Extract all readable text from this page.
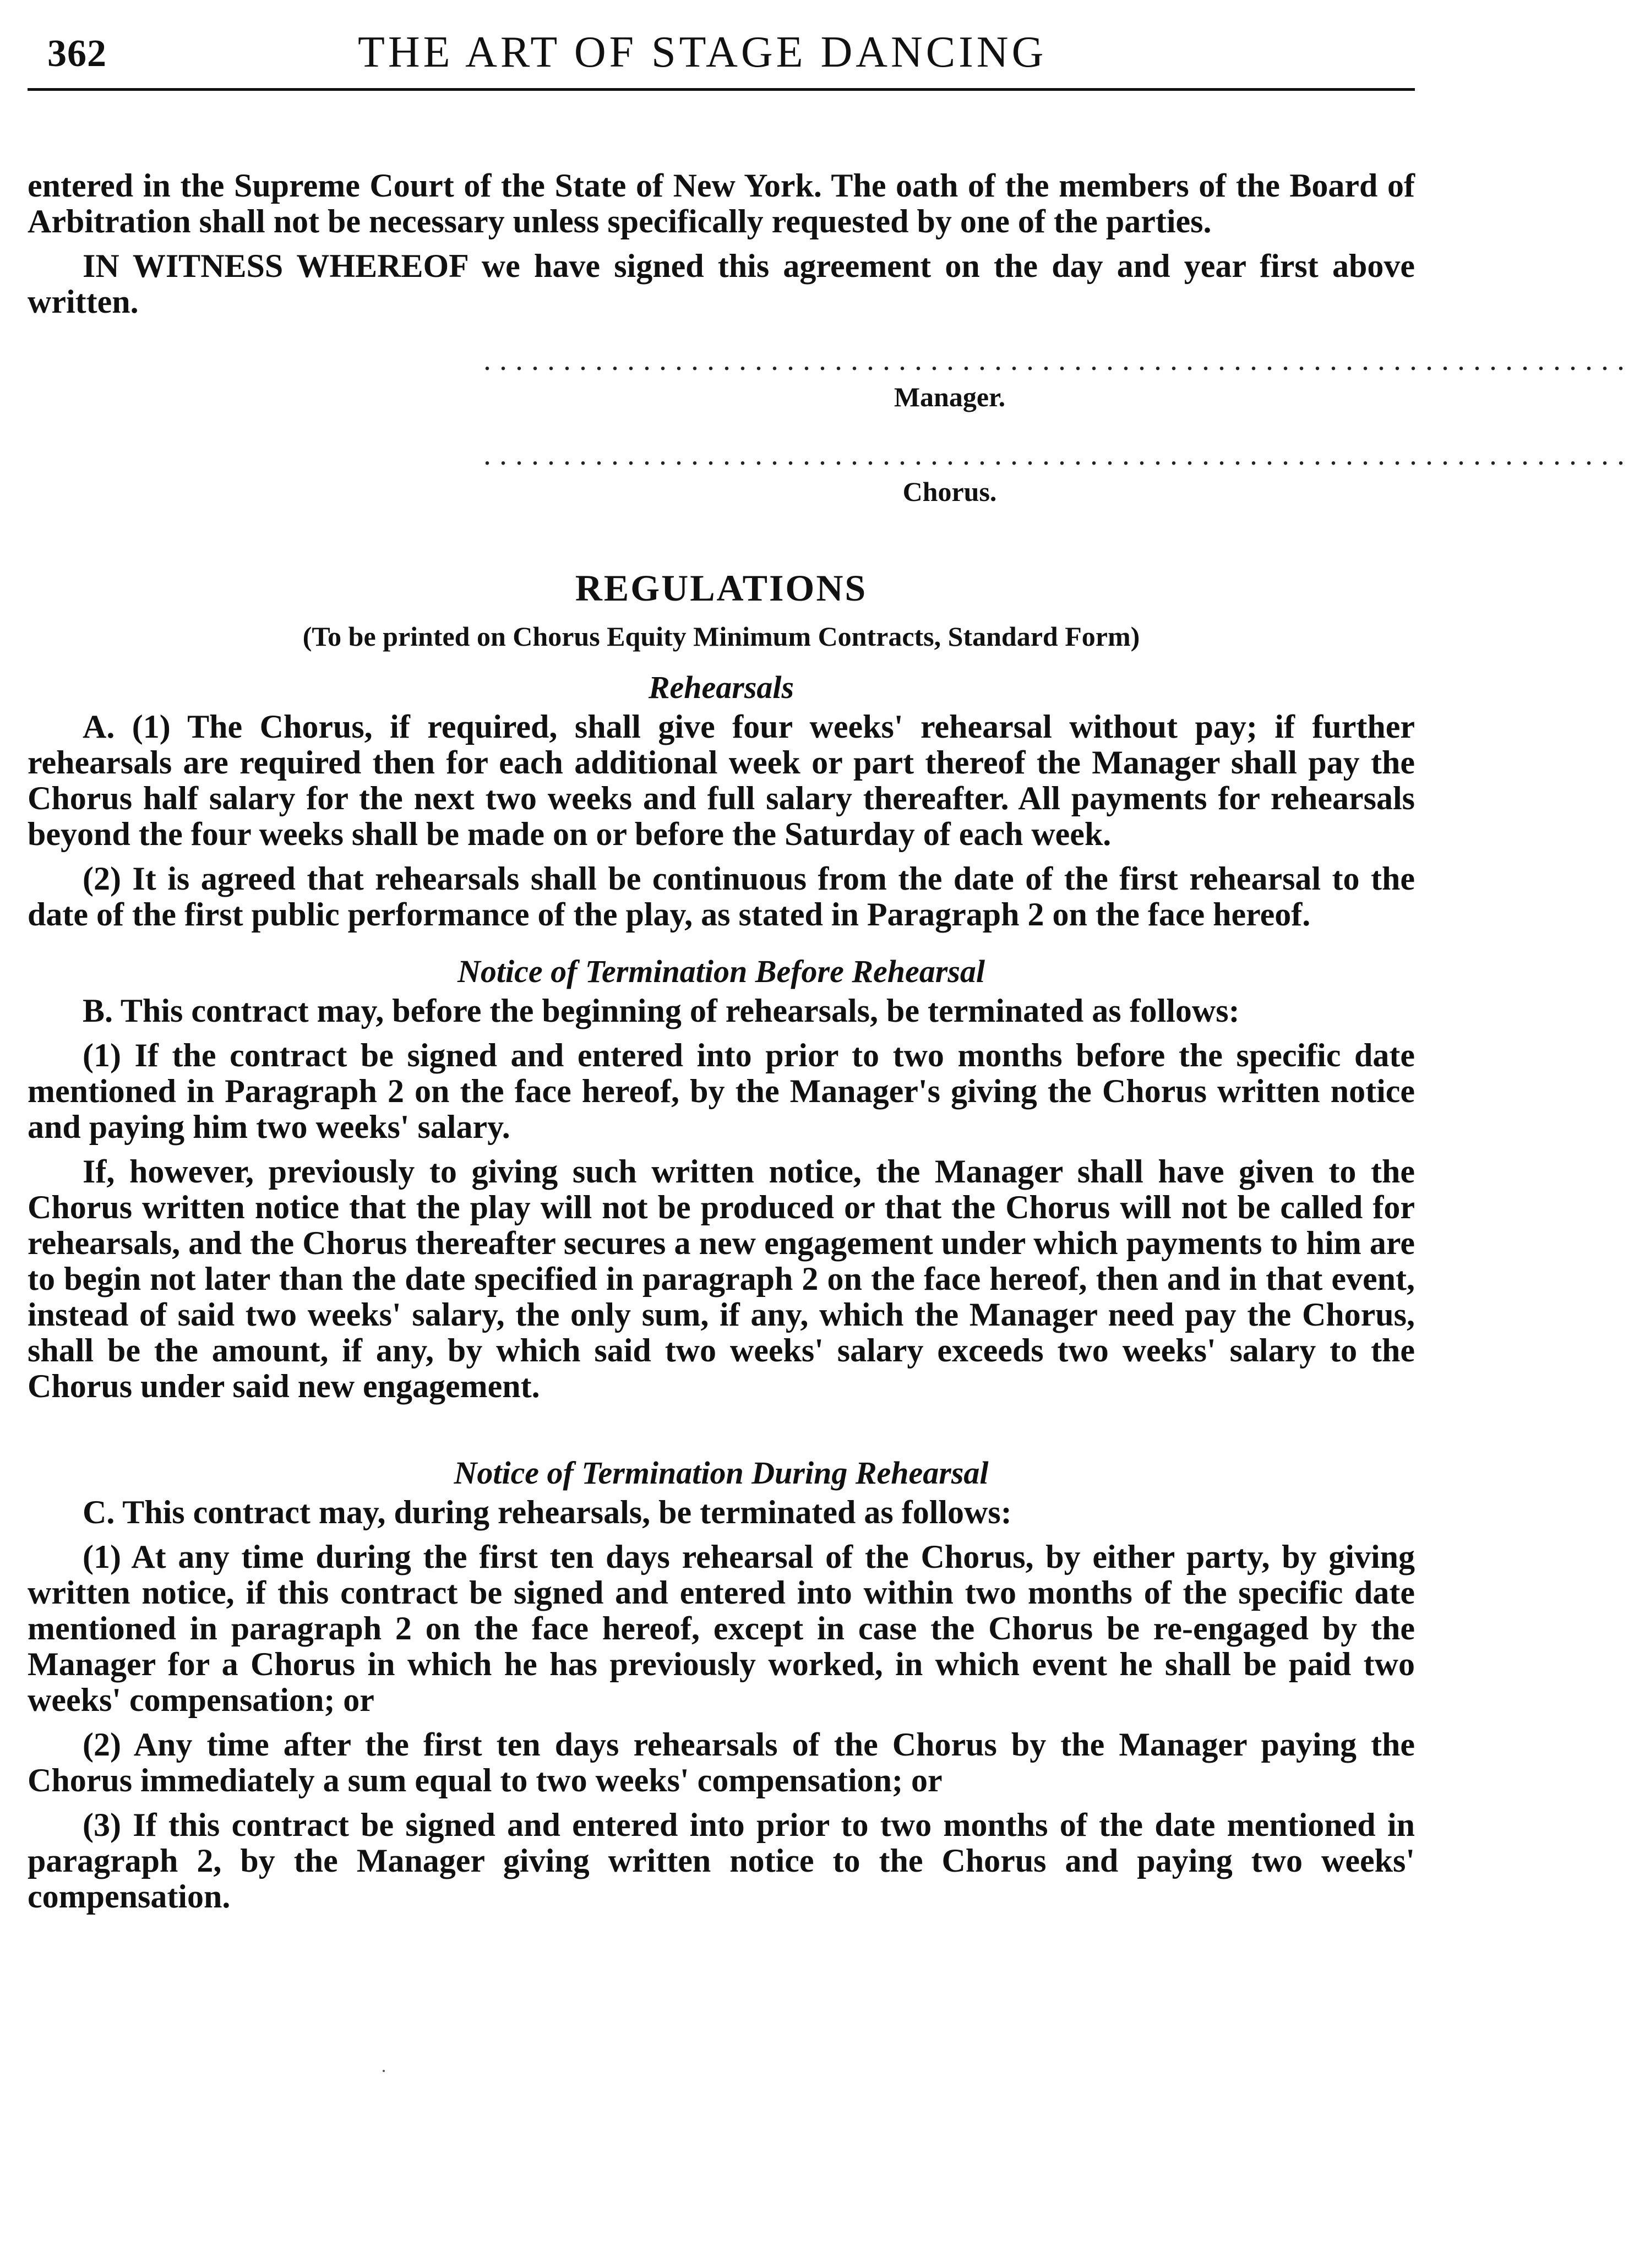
362	THE ART OF STAGE DANCING

entered in the Supreme Court of the State of New York. The oath of the members of the Board of Arbitration shall not be necessary unless specifically requested by one of the parties.

IN WITNESS WHEREOF we have signed this agreement on the day and year first above written.

........................................................................

Manager.

........................................................................

Chorus.

REGULATIONS

(To be printed on Chorus Equity Minimum Contracts, Standard Form)

Rehearsals

A. (1) The Chorus, if required, shall give four weeks' rehearsal without pay; if further rehearsals are required then for each additional week or part thereof the Manager shall pay the Chorus half salary for the next two weeks and full salary thereafter. All payments for rehearsals beyond the four weeks shall be made on or before the Saturday of each week.

(2) It is agreed that rehearsals shall be continuous from the date of the first rehearsal to the date of the first public performance of the play, as stated in Paragraph 2 on the face hereof.

Notice of Termination Before Rehearsal

B. This contract may, before the beginning of rehearsals, be terminated as follows:

(1) If the contract be signed and entered into prior to two months before the specific date mentioned in Paragraph 2 on the face hereof, by the Manager's giving the Chorus written notice and paying him two weeks' salary.

If, however, previously to giving such written notice, the Manager shall have given to the Chorus written notice that the play will not be produced or that the Chorus will not be called for rehearsals, and the Chorus thereafter secures a new engagement under which payments to him are to begin not later than the date specified in paragraph 2 on the face hereof, then and in that event, instead of said two weeks' salary, the only sum, if any, which the Manager need pay the Chorus, shall be the amount, if any, by which said two weeks' salary exceeds two weeks' salary to the Chorus under said new engagement.

Notice of Termination During Rehearsal

C. This contract may, during rehearsals, be terminated as follows:

(1) At any time during the first ten days rehearsal of the Chorus, by either party, by giving written notice, if this contract be signed and entered into within two months of the specific date mentioned in paragraph 2 on the face hereof, except in case the Chorus be re-engaged by the Manager for a Chorus in which he has previously worked, in which event he shall be paid two weeks' compensation; or

(2) Any time after the first ten days rehearsals of the Chorus by the Manager paying the Chorus immediately a sum equal to two weeks' compensation; or

(3) If this contract be signed and entered into prior to two months of the date mentioned in paragraph 2, by the Manager giving written notice to the Chorus and paying two weeks' compensation.
